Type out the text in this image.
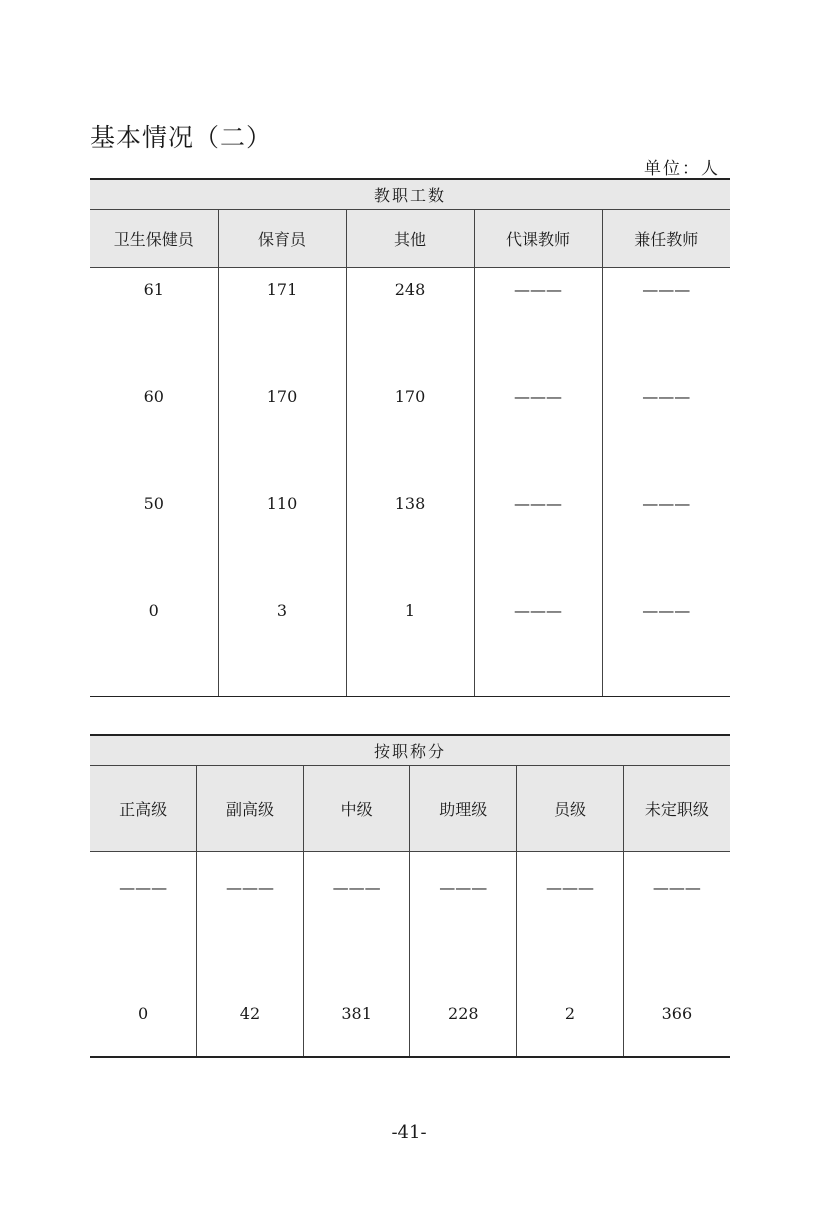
基本情况（二）
单位：人
教职工数				
卫生保健员	保育员	其他	代课教师	兼任教师
61	171	248	———	———
60	170	170	———	———
50	110	138	———	———
0	3	1	———	———
按职称分					
正高级	副高级	中级	助理级	员级	未定职级
———	———	———	———	———	———
0	42	381	228	2	366
-41-
